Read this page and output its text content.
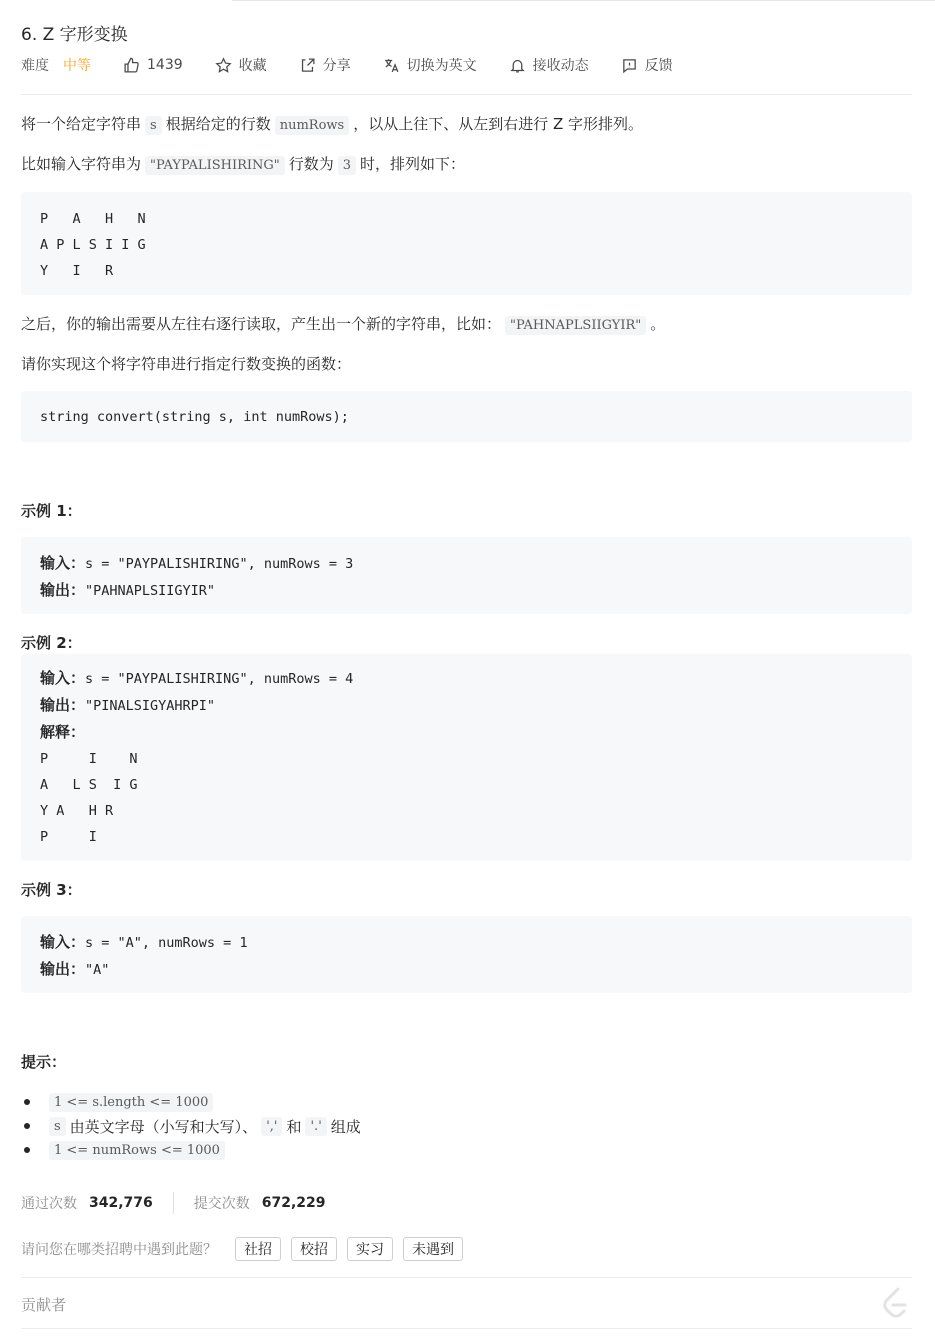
6. Z 字形变换
难度 中等	1439	收藏	分享	切换为英文	接收动态	反馈
将一个给定字符串 s 根据给定的行数 numRows ，以从上往下、从左到右进行 Z 字形排列。
比如输入字符串为 "PAYPALISHIRING" 行数为 3 时，排列如下：
P   A   H   N
A P L S I I G
Y   I   R
之后，你的输出需要从左往右逐行读取，产生出一个新的字符串，比如： "PAHNAPLSIIGYIR" 。
请你实现这个将字符串进行指定行数变换的函数：
string convert(string s, int numRows);
示例 1：
输入：s = "PAYPALISHIRING", numRows = 3
输出："PAHNAPLSIIGYIR"
示例 2：
输入：s = "PAYPALISHIRING", numRows = 4
输出："PINALSIGYAHRPI"
解释：
P     I    N
A   L S  I G
Y A   H R
P     I
示例 3：
输入：s = "A", numRows = 1
输出："A"
提示：
1 <= s.length <= 1000
s 由英文字母（小写和大写）、 ',' 和 '.' 组成
1 <= numRows <= 1000
通过次数 342,776	提交次数 672,229
请问您在哪类招聘中遇到此题？	社招	校招	实习	未遇到
贡献者
